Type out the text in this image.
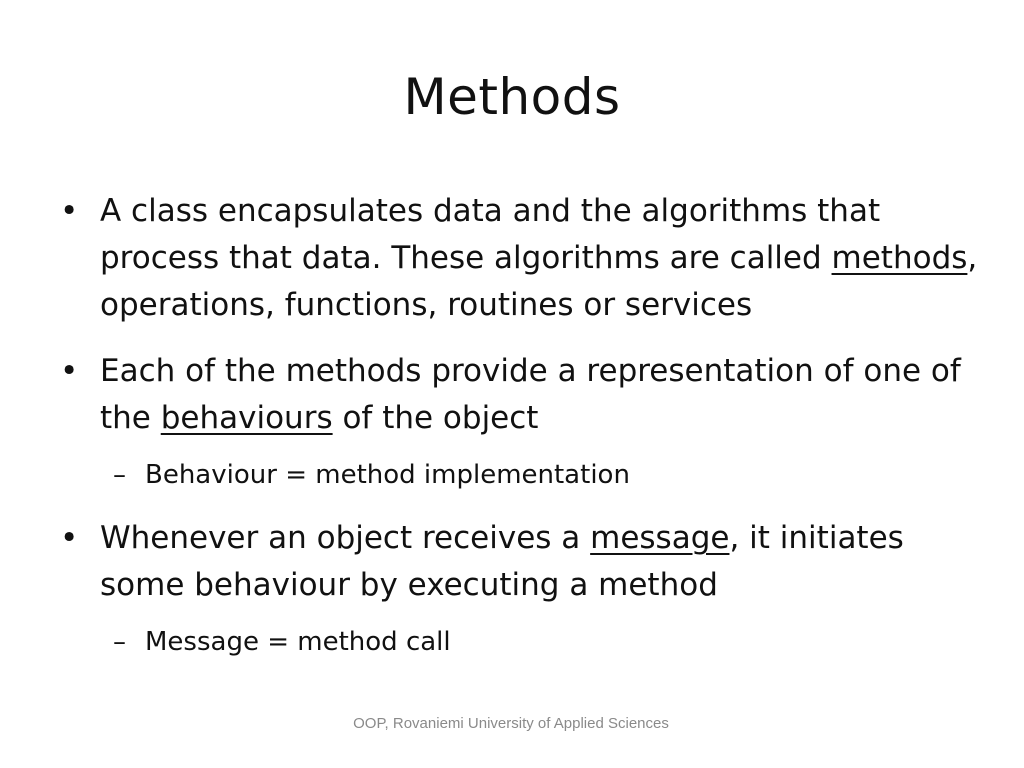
Methods
• A class encapsulates data and the algorithms that process that data. These algorithms are called methods, operations, functions, routines or services
• Each of the methods provide a representation of one of the behaviours of the object
– Behaviour = method implementation
• Whenever an object receives a message, it initiates some behaviour by executing a method
– Message = method call
OOP, Rovaniemi University of Applied Sciences
